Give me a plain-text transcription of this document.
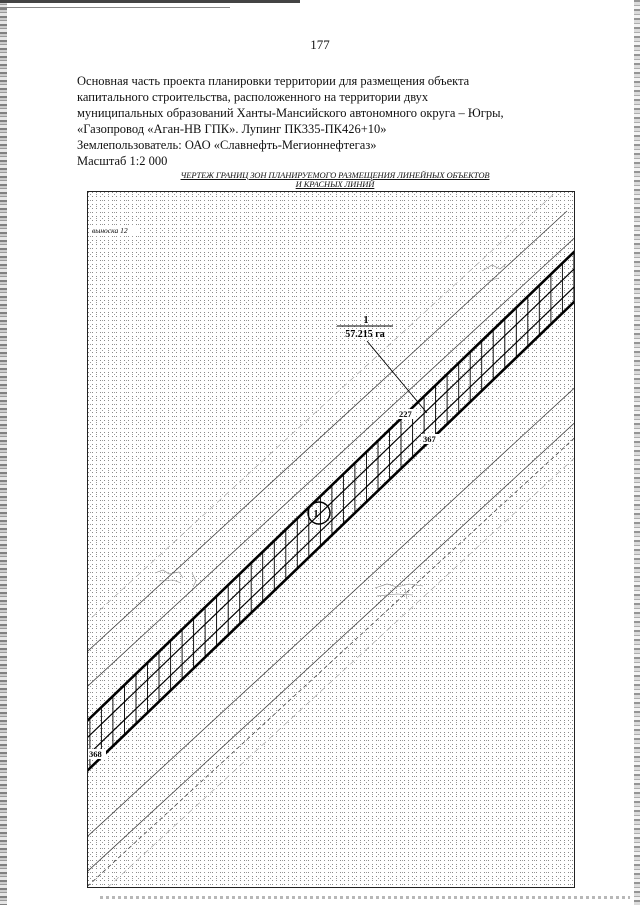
177
Основная часть проекта планировки территории для размещения объекта
капитального строительства, расположенного на территории двух
муниципальных образований Ханты-Мансийского автономного округа – Югры,
«Газопровод «Аган-НВ ГПК». Лупинг ПК335-ПК426+10»
Землепользователь: ОАО «Славнефть-Мегионнефтегаз»
Масштаб 1:2 000
ЧЕРТЕЖ ГРАНИЦ ЗОН ПЛАНИРУЕМОГО РАЗМЕЩЕНИЯ ЛИНЕЙНЫХ ОБЪЕКТОВ
И КРАСНЫХ ЛИНИЙ
1
57.215 га
1
227
367
368
выноска 12
